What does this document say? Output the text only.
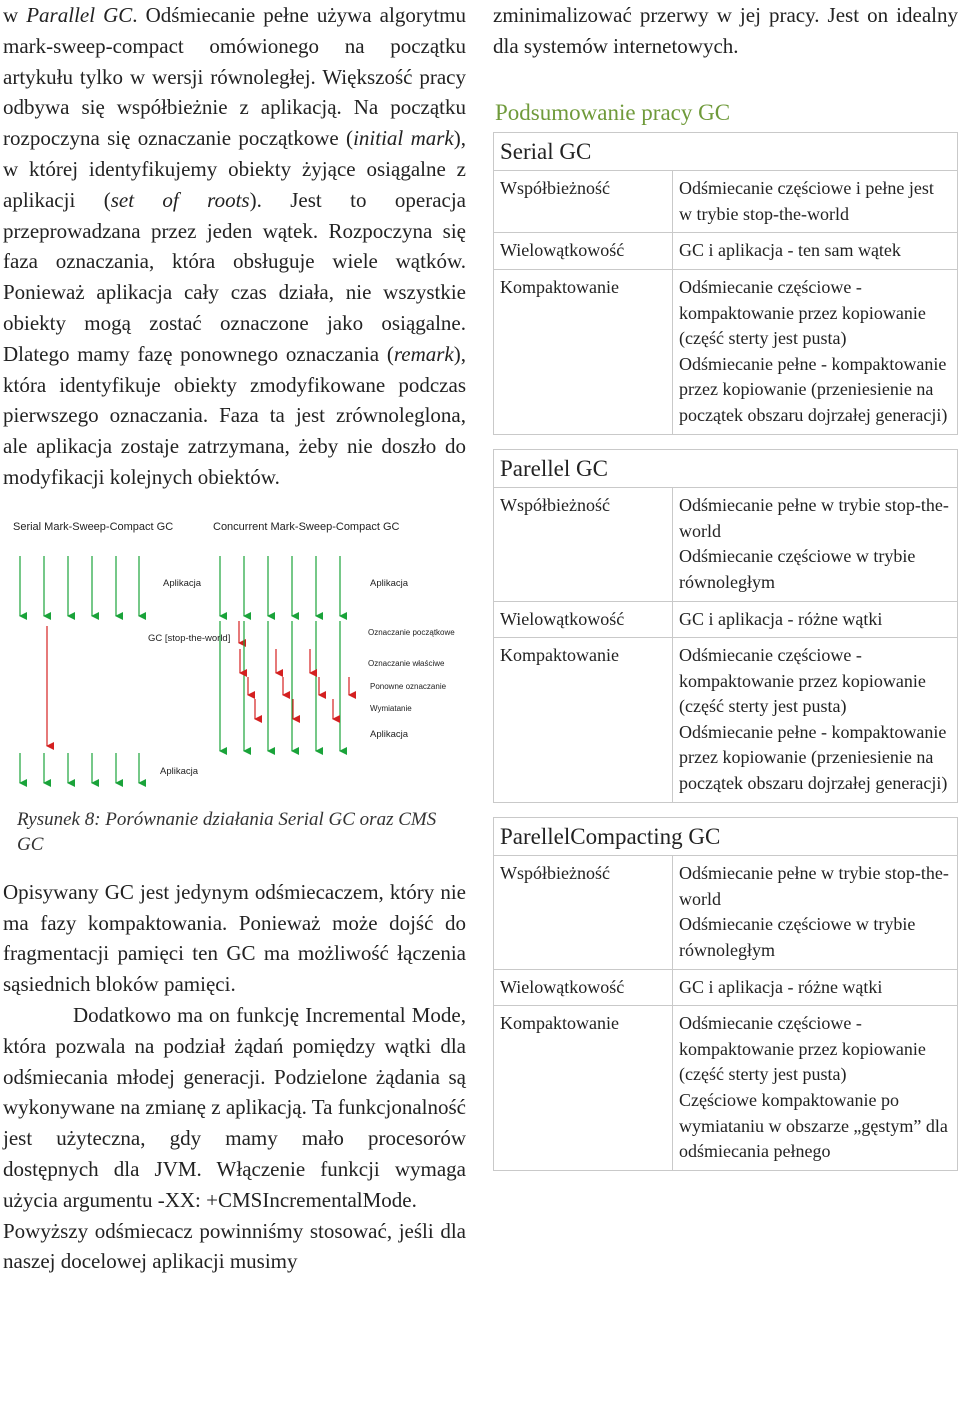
w Parallel GC. Odśmiecanie pełne używa algorytmu mark-sweep-compact omówionego na początku artykułu tylko w wersji równoległej. Większość pracy odbywa się współbieżnie z aplikacją. Na początku rozpoczyna się oznaczanie początkowe (initial mark), w której identyfikujemy obiekty żyjące osiągalne z aplikacji (set of roots). Jest to operacja przeprowadzana przez jeden wątek. Rozpoczyna się faza oznaczania, która obsługuje wiele wątków. Ponieważ aplikacja cały czas działa, nie wszystkie obiekty mogą zostać oznaczone jako osiągalne. Dlatego mamy fazę ponownego oznaczania (remark), która identyfikuje obiekty zmodyfikowane podczas pierwszego oznaczania. Faza ta jest zrównoleglona, ale aplikacja zostaje zatrzymana, żeby nie doszło do modyfikacji kolejnych obiektów.

Serial Mark-Sweep-Compact GC	Concurrent Mark-Sweep-Compact GC
Aplikacja
GC [stop-the-world]
Aplikacja
Aplikacja
Oznaczanie początkowe
Oznaczanie właściwe
Ponowne oznaczanie
Wymiatanie
Aplikacja
Rysunek 8: Porównanie działania Serial GC oraz CMS GC

Opisywany GC jest jedynym odśmiecaczem, który nie ma fazy kompaktowania. Ponieważ może dojść do fragmentacji pamięci ten GC ma możliwość łączenia sąsiednich bloków pamięci.

Dodatkowo ma on funkcję Incremental Mode, która pozwala na podział żądań pomiędzy wątki dla odśmiecania młodej generacji. Podzielone żądania są wykonywane na zmianę z aplikacją. Ta funkcjonalność jest użyteczna, gdy mamy mało procesorów dostępnych dla JVM. Włączenie funkcji wymaga użycia argumentu -XX: +CMSIncrementalMode.

Powyższy odśmiecacz powinniśmy stosować, jeśli dla naszej docelowej aplikacji musimy

zminimalizować przerwy w jej pracy. Jest on idealny dla systemów internetowych.

Podsumowanie pracy GC
Serial GC	
Współbieżność	Odśmiecanie częściowe i pełne jest w trybie stop-the-world

Wielowątkowość	GC i aplikacja - ten sam wątek

Kompaktowanie	Odśmiecanie częściowe - kompaktowanie przez kopiowanie (część sterty jest pusta)
Odśmiecanie pełne - kompaktowanie przez kopiowanie (przeniesienie na początek obszaru dojrzałej generacji)
Parellel GC	
Współbieżność	Odśmiecanie pełne w trybie stop-the-world
Odśmiecanie częściowe w trybie równoległym

Wielowątkowość	GC i aplikacja - różne wątki

Kompaktowanie	Odśmiecanie częściowe - kompaktowanie przez kopiowanie (część sterty jest pusta)
Odśmiecanie pełne - kompaktowanie przez kopiowanie (przeniesienie na początek obszaru dojrzałej generacji)
ParellelCompacting GC	
Współbieżność	Odśmiecanie pełne w trybie stop-the-world
Odśmiecanie częściowe w trybie równoległym

Wielowątkowość	GC i aplikacja - różne wątki

Kompaktowanie	Odśmiecanie częściowe - kompaktowanie przez kopiowanie (część sterty jest pusta)
Częściowe kompaktowanie po wymiataniu w obszarze „gęstym” dla odśmiecania pełnego
